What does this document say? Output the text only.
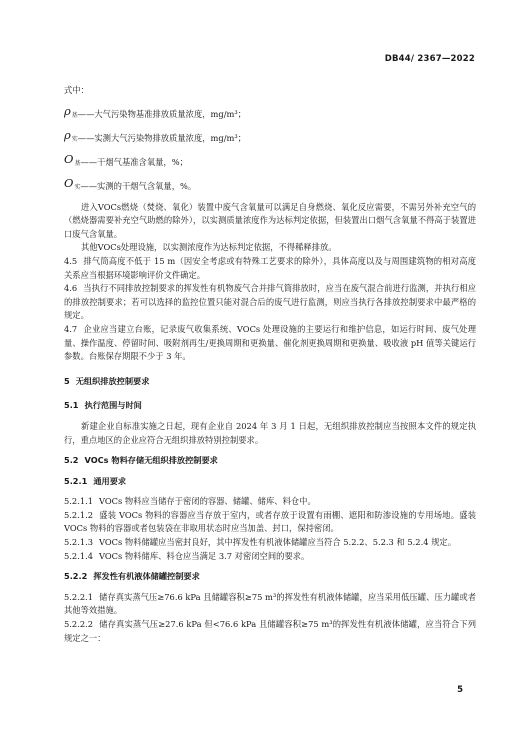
DB44/ 2367—2022

式中：

$\rho_基$ ——大气污染物基准排放质量浓度，mg/m³；
$\rho_实$ ——实测大气污染物排放质量浓度，mg/m³；
$O_基$ ——干烟气基准含氧量，%；
$O_实$ ——实测的干烟气含氧量，%。

进入VOCs燃烧（焚烧、氧化）装置中废气含氧量可以满足自身燃烧、氧化反应需要，不需另外补充空气的（燃烧器需要补充空气助燃的除外），以实测质量浓度作为达标判定依据，但装置出口烟气含氧量不得高于装置进口废气含氧量。

其他VOCs处理设施，以实测浓度作为达标判定依据，不得稀释排放。

4.5 排气筒高度不低于 15 m（因安全考虑或有特殊工艺要求的除外），具体高度以及与周围建筑物的相对高度关系应当根据环境影响评价文件确定。

4.6 当执行不同排放控制要求的挥发性有机物废气合并排气筒排放时，应当在废气混合前进行监测，并执行相应的排放控制要求；若可以选择的监控位置只能对混合后的废气进行监测，则应当执行各排放控制要求中最严格的规定。

4.7 企业应当建立台账，记录废气收集系统、VOCs 处理设施的主要运行和维护信息，如运行时间、废气处理量、操作温度、停留时间、吸附剂再生/更换周期和更换量、催化剂更换周期和更换量、吸收液 pH 值等关键运行参数。台账保存期限不少于 3 年。

5 无组织排放控制要求

5.1 执行范围与时间

新建企业自标准实施之日起，现有企业自 2024 年 3 月 1 日起，无组织排放控制应当按照本文件的规定执行，重点地区的企业应符合无组织排放特别控制要求。

5.2 VOCs 物料存储无组织排放控制要求

5.2.1 通用要求

5.2.1.1 VOCs 物料应当储存于密闭的容器、储罐、储库、料仓中。

5.2.1.2 盛装 VOCs 物料的容器应当存放于室内，或者存放于设置有雨棚、遮阳和防渗设施的专用场地。盛装 VOCs 物料的容器或者包装袋在非取用状态时应当加盖、封口，保持密闭。

5.2.1.3 VOCs 物料储罐应当密封良好，其中挥发性有机液体储罐应当符合 5.2.2、5.2.3 和 5.2.4 规定。

5.2.1.4 VOCs 物料储库、料仓应当满足 3.7 对密闭空间的要求。

5.2.2 挥发性有机液体储罐控制要求

5.2.2.1 储存真实蒸气压≥76.6 kPa 且储罐容积≥75 m³的挥发性有机液体储罐，应当采用低压罐、压力罐或者其他等效措施。

5.2.2.2 储存真实蒸气压≥27.6 kPa 但<76.6 kPa 且储罐容积≥75 m³的挥发性有机液体储罐，应当符合下列规定之一：

5
